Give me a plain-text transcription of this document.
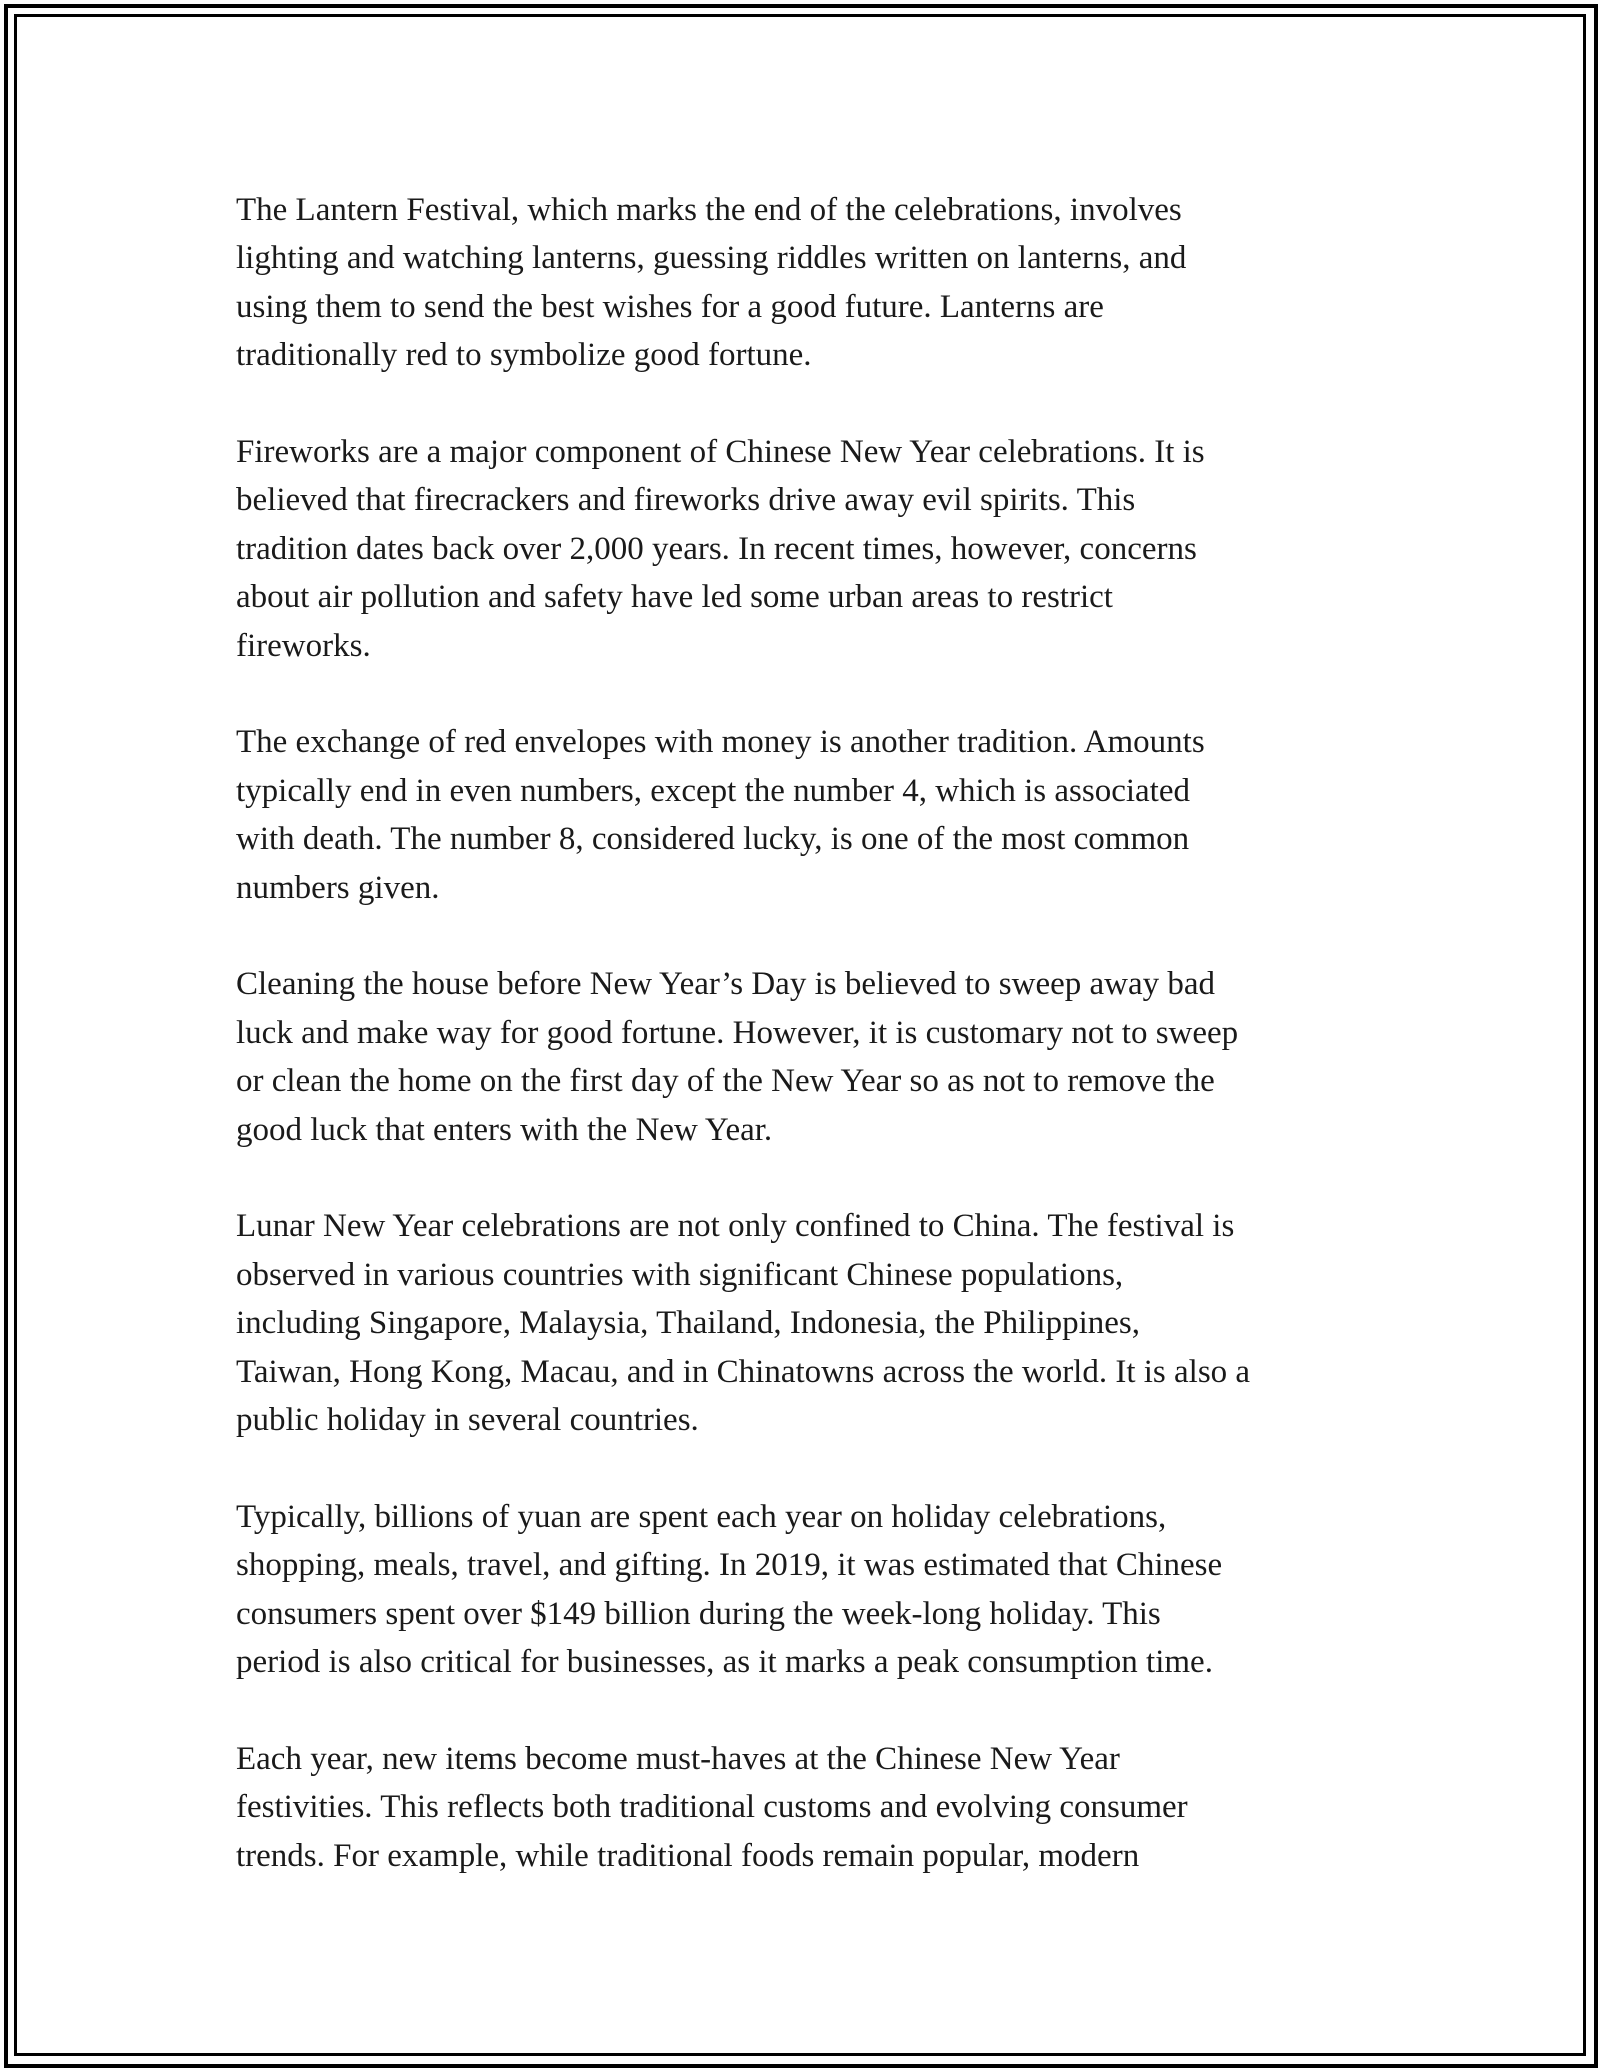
The Lantern Festival, which marks the end of the celebrations, involves
lighting and watching lanterns, guessing riddles written on lanterns, and
using them to send the best wishes for a good future. Lanterns are
traditionally red to symbolize good fortune.

Fireworks are a major component of Chinese New Year celebrations. It is
believed that firecrackers and fireworks drive away evil spirits. This
tradition dates back over 2,000 years. In recent times, however, concerns
about air pollution and safety have led some urban areas to restrict
fireworks.

The exchange of red envelopes with money is another tradition. Amounts
typically end in even numbers, except the number 4, which is associated
with death. The number 8, considered lucky, is one of the most common
numbers given.

Cleaning the house before New Year’s Day is believed to sweep away bad
luck and make way for good fortune. However, it is customary not to sweep
or clean the home on the first day of the New Year so as not to remove the
good luck that enters with the New Year.

Lunar New Year celebrations are not only confined to China. The festival is
observed in various countries with significant Chinese populations,
including Singapore, Malaysia, Thailand, Indonesia, the Philippines,
Taiwan, Hong Kong, Macau, and in Chinatowns across the world. It is also a
public holiday in several countries.

Typically, billions of yuan are spent each year on holiday celebrations,
shopping, meals, travel, and gifting. In 2019, it was estimated that Chinese
consumers spent over $149 billion during the week-long holiday. This
period is also critical for businesses, as it marks a peak consumption time.

Each year, new items become must-haves at the Chinese New Year
festivities. This reflects both traditional customs and evolving consumer
trends. For example, while traditional foods remain popular, modern
